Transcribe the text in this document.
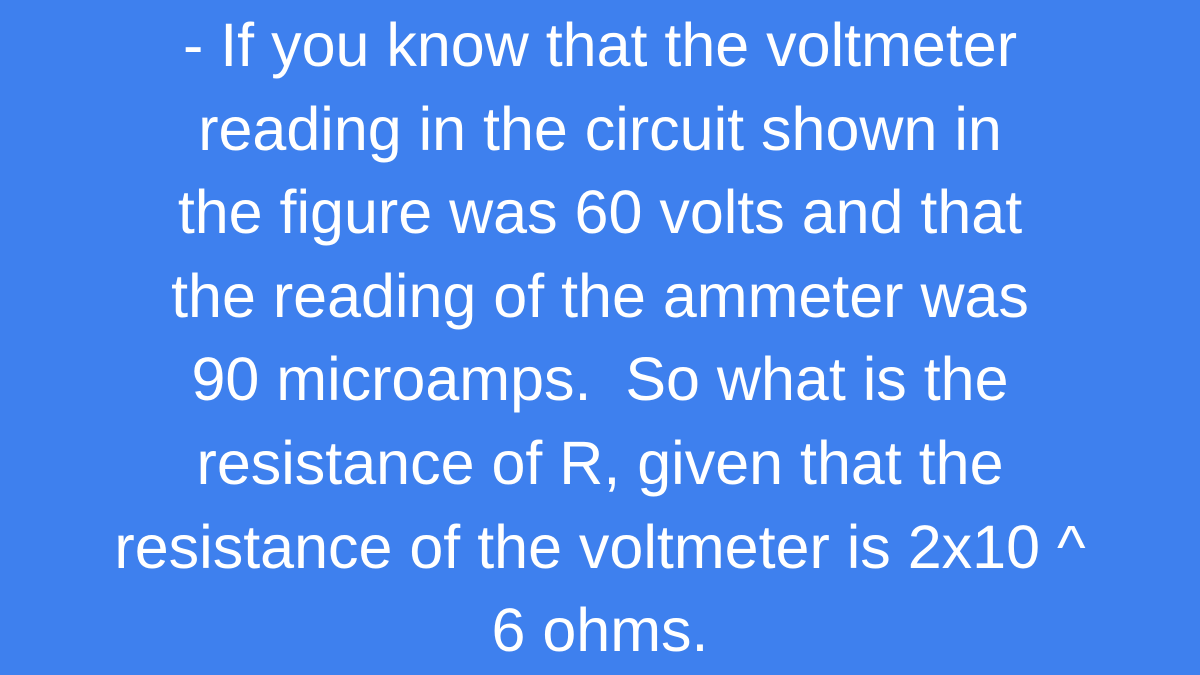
- If you know that the voltmeter
reading in the circuit shown in
the figure was 60 volts and that
the reading of the ammeter was
90 microamps.  So what is the
resistance of R, given that the
resistance of the voltmeter is 2x10 ^
6 ohms.
